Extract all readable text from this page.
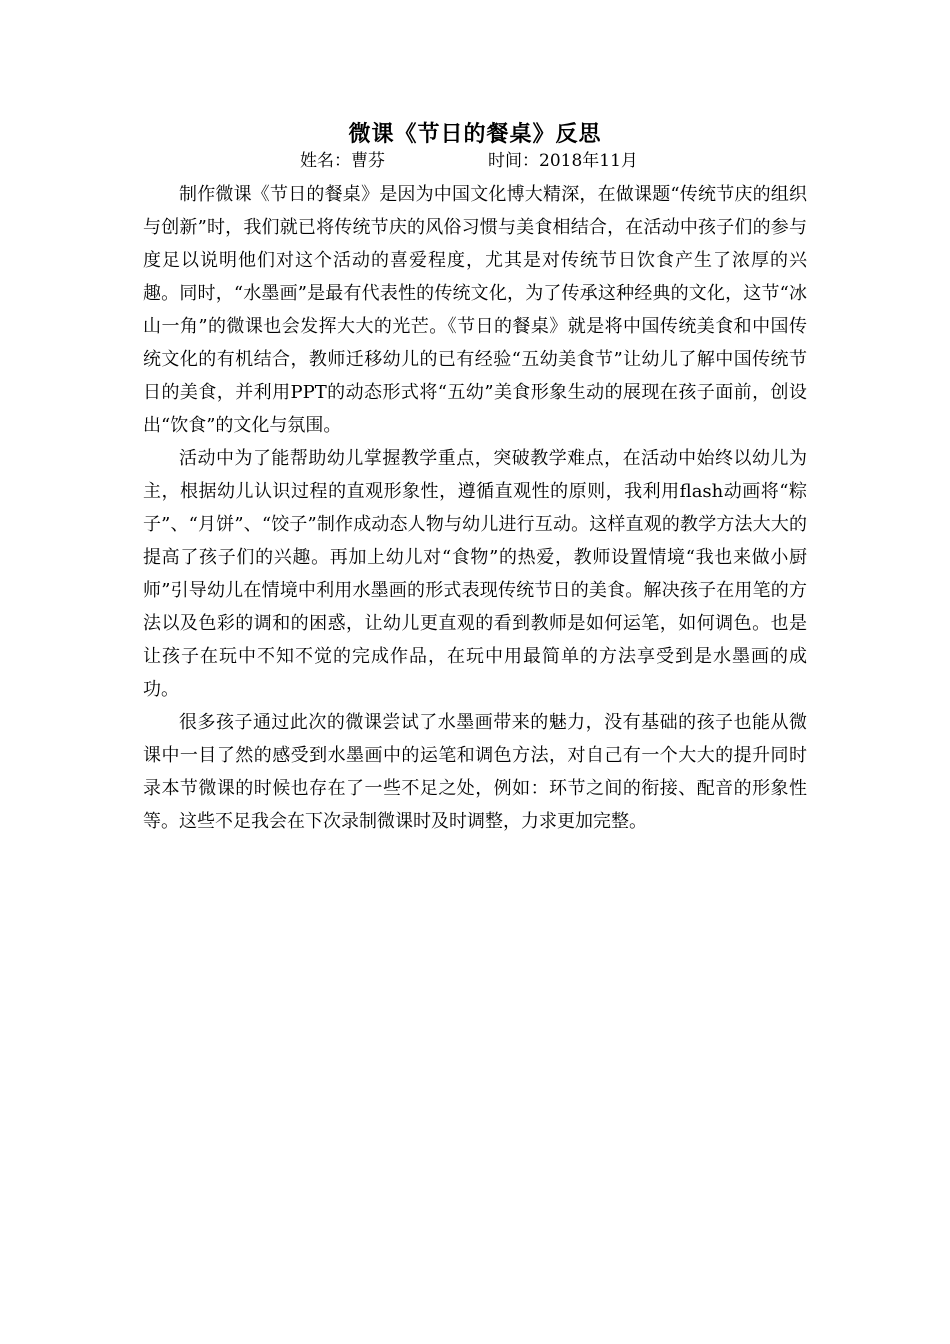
微课《节日的餐桌》反思
姓名：曹芬	时间：2018年11月

制作微课《节日的餐桌》是因为中国文化博大精深，在做课题“传统节庆的组织与创新”时，我们就已将传统节庆的风俗习惯与美食相结合，在活动中孩子们的参与度足以说明他们对这个活动的喜爱程度，尤其是对传统节日饮食产生了浓厚的兴趣。同时，“水墨画”是最有代表性的传统文化，为了传承这种经典的文化，这节“冰山一角”的微课也会发挥大大的光芒。《节日的餐桌》就是将中国传统美食和中国传统文化的有机结合，教师迁移幼儿的已有经验“五幼美食节”让幼儿了解中国传统节日的美食，并利用PPT的动态形式将“五幼”美食形象生动的展现在孩子面前，创设出“饮食”的文化与氛围。

活动中为了能帮助幼儿掌握教学重点，突破教学难点，在活动中始终以幼儿为主，根据幼儿认识过程的直观形象性，遵循直观性的原则，我利用flash动画将“粽子”、“月饼”、“饺子”制作成动态人物与幼儿进行互动。这样直观的教学方法大大的提高了孩子们的兴趣。再加上幼儿对“食物”的热爱，教师设置情境“我也来做小厨师”引导幼儿在情境中利用水墨画的形式表现传统节日的美食。解决孩子在用笔的方法以及色彩的调和的困惑，让幼儿更直观的看到教师是如何运笔，如何调色。也是让孩子在玩中不知不觉的完成作品，在玩中用最简单的方法享受到是水墨画的成功。

很多孩子通过此次的微课尝试了水墨画带来的魅力，没有基础的孩子也能从微课中一目了然的感受到水墨画中的运笔和调色方法，对自己有一个大大的提升同时录本节微课的时候也存在了一些不足之处，例如：环节之间的衔接、配音的形象性等。这些不足我会在下次录制微课时及时调整，力求更加完整。
